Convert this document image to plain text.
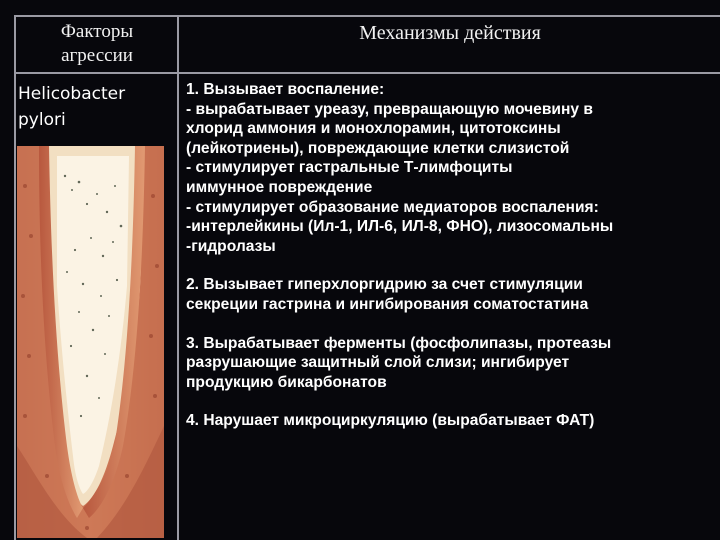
Факторы
агрессии
Механизмы действия
Helicobacter
pylori
1. Вызывает воспаление:
- вырабатывает уреазу, превращающую мочевину в
хлорид аммония и монохлорамин, цитотоксины
(лейкотриены), повреждающие клетки слизистой
- стимулирует гастральные Т-лимфоциты
иммунное повреждение
- стимулирует образование медиаторов воспаления:
-интерлейкины (Ил-1, ИЛ-6, ИЛ-8, ФНО), лизосомальны
-гидролазы
2. Вызывает гиперхлоргидрию за счет стимуляции
секреции гастрина и ингибирования соматостатина
3. Вырабатывает ферменты (фосфолипазы, протеазы
разрушающие защитный слой слизи; ингибирует
продукцию бикарбонатов
4. Нарушает микроциркуляцию (вырабатывает ФАТ)
